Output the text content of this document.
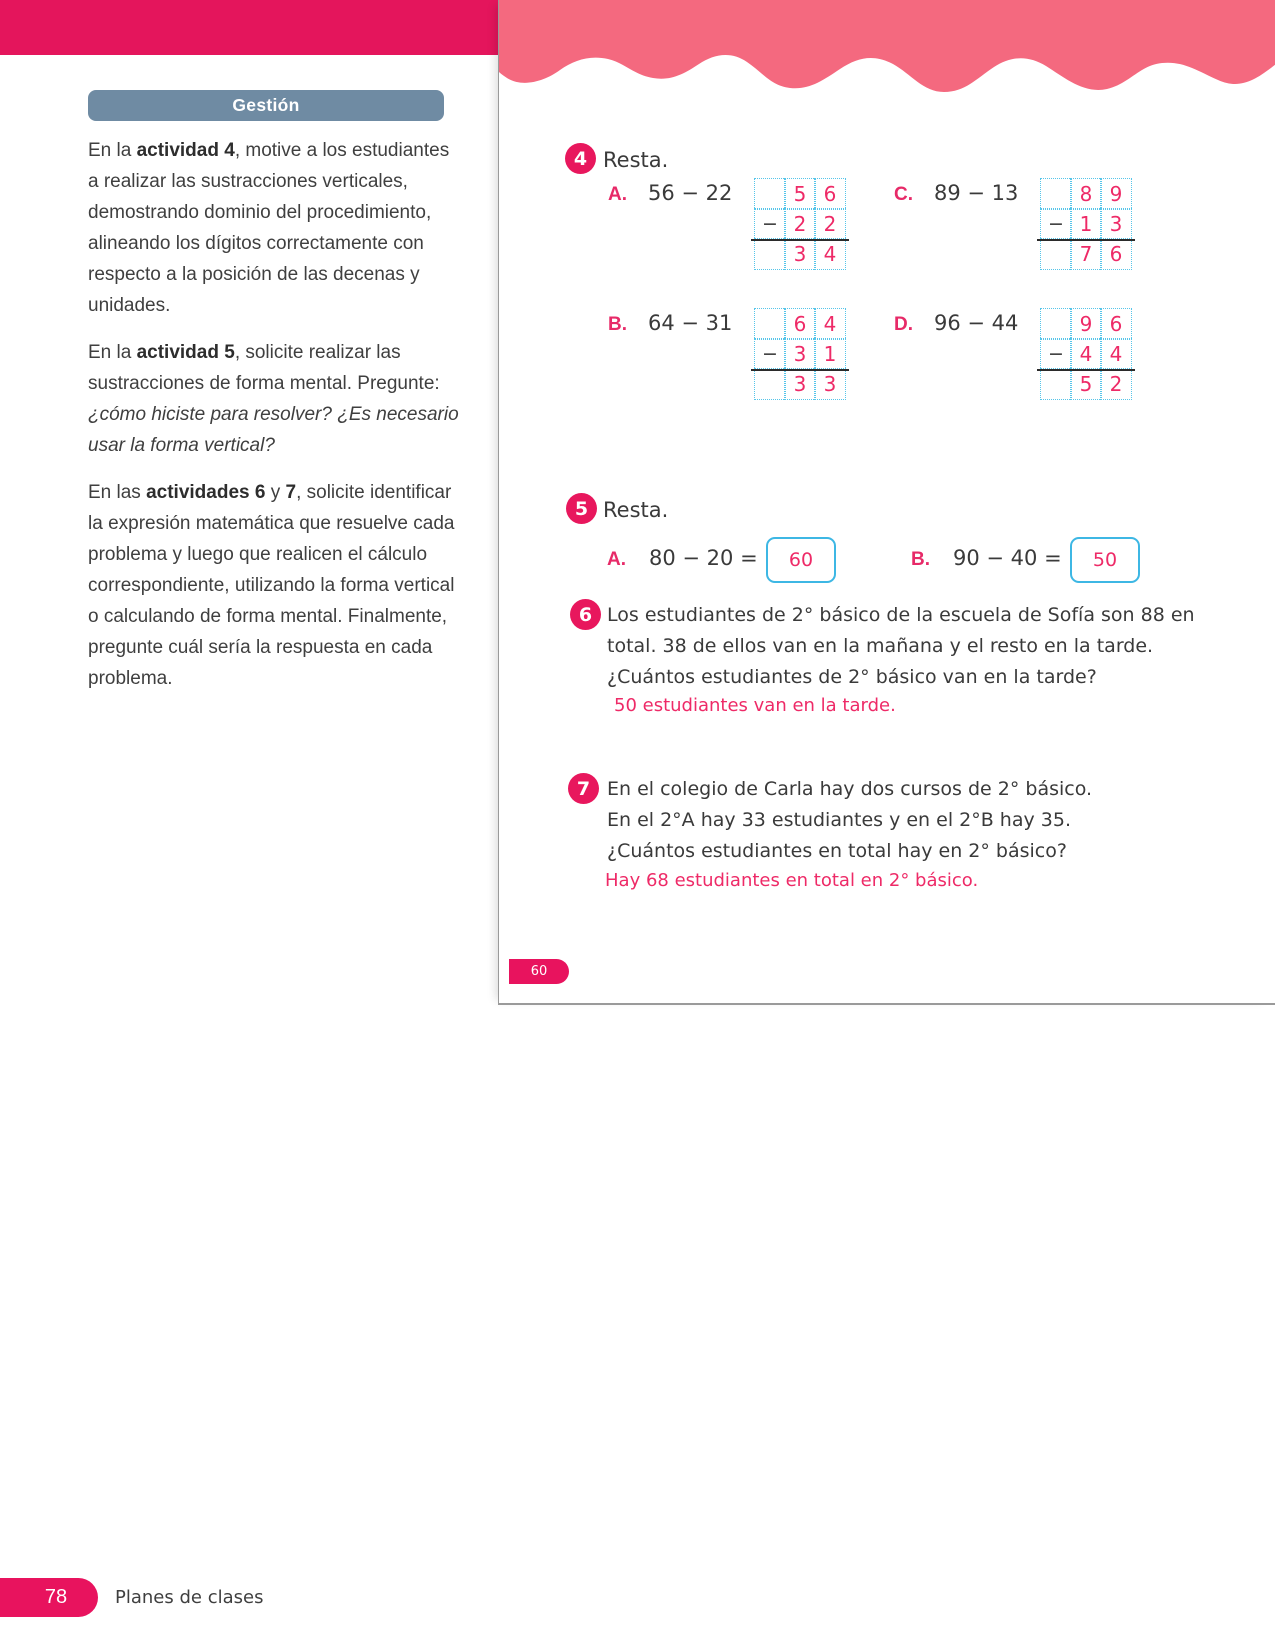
4 Resta.
A.	56 − 22	5 6
− 2 2
3 4
C.	89 − 13	8 9
− 1 3
7 6
B.	64 − 31	6 4
− 3 1
3 3
D.	96 − 44	9 6
− 4 4
5 2
5 Resta.
A.	80 − 20 =	60	B.	90 − 40 =	50
6 Los estudiantes de 2° básico de la escuela de Sofía son 88 en
total. 38 de ellos van en la mañana y el resto en la tarde.
¿Cuántos estudiantes de 2° básico van en la tarde?
50 estudiantes van en la tarde.
7 En el colegio de Carla hay dos cursos de 2° básico.
En el 2°A hay 33 estudiantes y en el 2°B hay 35.
¿Cuántos estudiantes en total hay en 2° básico?
Hay 68 estudiantes en total en 2° básico.
60
Gestión

En la actividad 4, motive a los estudiantes a realizar las sustracciones verticales, demostrando dominio del procedimiento, alineando los dígitos correctamente con respecto a la posición de las decenas y unidades.

En la actividad 5, solicite realizar las sustracciones de forma mental. Pregunte: ¿cómo hiciste para resolver? ¿Es necesario usar la forma vertical?

En las actividades 6 y 7, solicite identificar la expresión matemática que resuelve cada problema y luego que realicen el cálculo correspondiente, utilizando la forma vertical o calculando de forma mental. Finalmente, pregunte cuál sería la respuesta en cada problema.

78	Planes de clases
